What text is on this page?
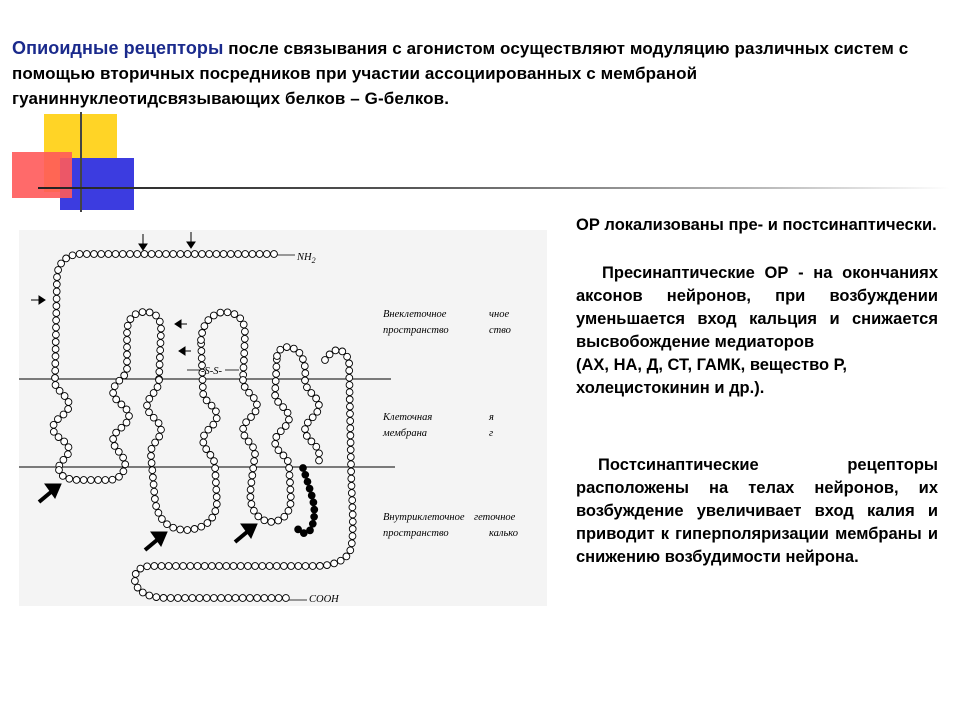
Опиоидные рецепторы после связывания с агонистом осуществляют модуляцию различных систем с помощью вторичных посредников при участии ассоциированных с мембраной гуаниннуклеотидсвязывающих белков – G-белков.
$NH_2$
COOH
-S-S-
Внеклеточное
пространство
чное
ство
Клеточная
мембрана
я
г
Внутриклеточное
пространство
геточное
калько

ОР локализованы пре- и постсинаптически.

Пресинаптические ОР - на окончаниях аксонов нейронов, при возбуждении уменьшается вход кальция и снижается высвобождение медиаторов

(АХ, НА, Д, СТ, ГАМК, вещество Р, холецистокинин и др.).

Постсинаптические рецепторы расположены на телах нейронов, их возбуждение увеличивает вход калия и приводит к гиперполяризации мембраны и снижению возбудимости нейрона.
